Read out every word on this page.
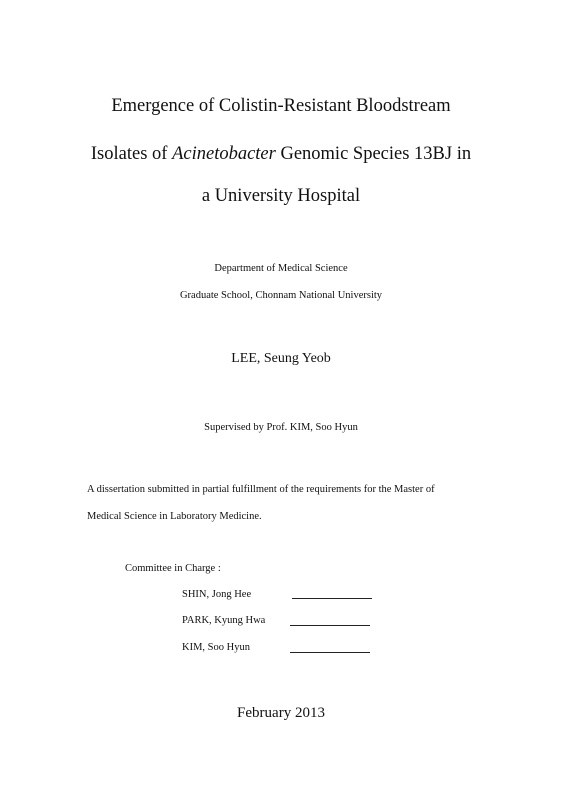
Emergence of Colistin-Resistant Bloodstream
Isolates of Acinetobacter Genomic Species 13BJ in
a University Hospital
Department of Medical Science
Graduate School, Chonnam National University
LEE, Seung Yeob
Supervised by Prof. KIM, Soo Hyun
A dissertation submitted in partial fulfillment of the requirements for the Master of
Medical Science in Laboratory Medicine.
Committee in Charge :
SHIN, Jong Hee
PARK, Kyung Hwa
KIM, Soo Hyun
February 2013
